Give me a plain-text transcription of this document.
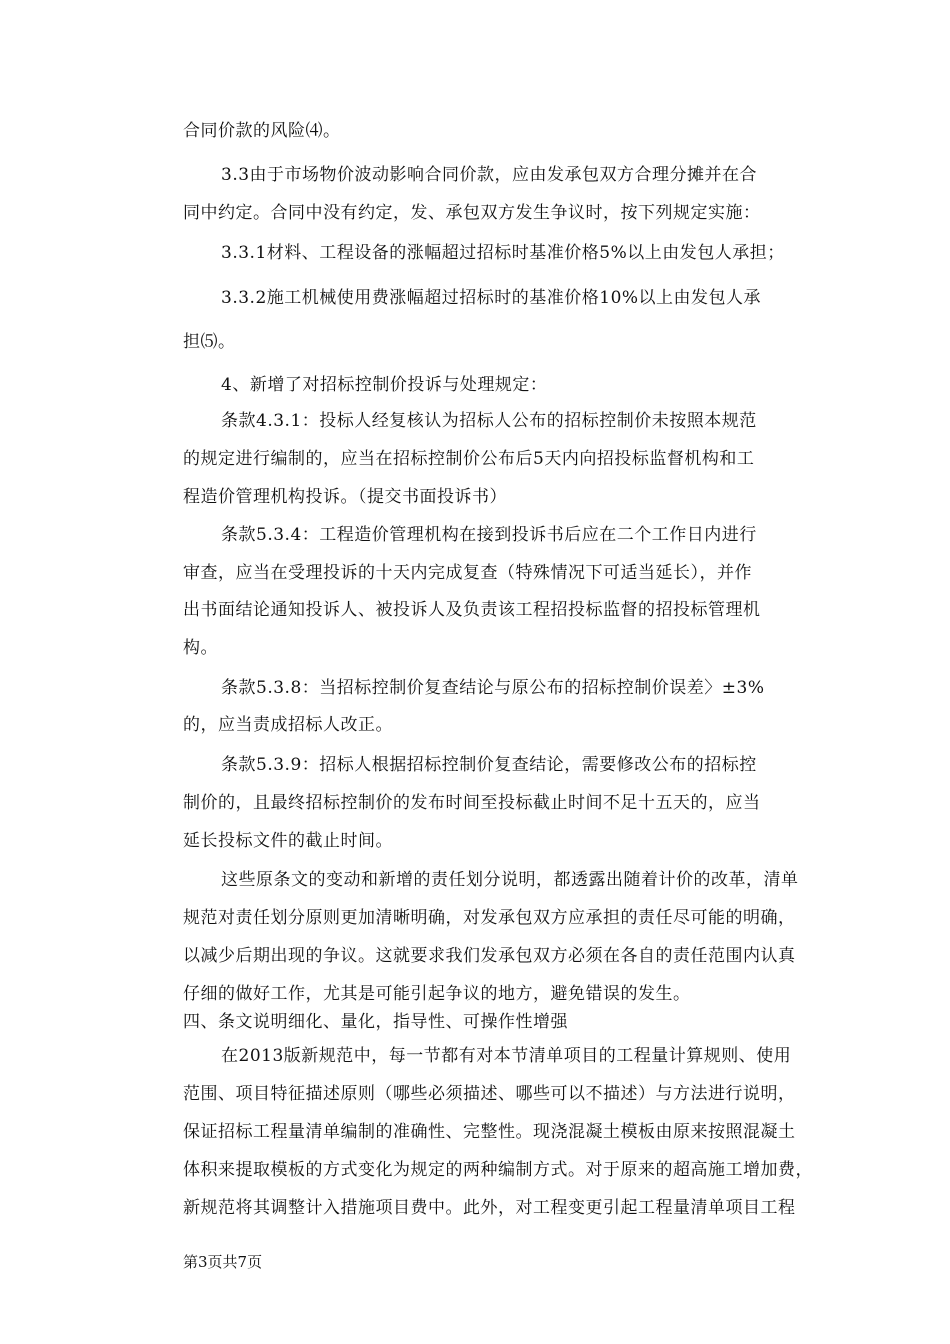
合同价款的风险⑷。
3.3由于市场物价波动影响合同价款，应由发承包双方合理分摊并在合
同中约定。合同中没有约定，发、承包双方发生争议时，按下列规定实施：
3.3.1材料、工程设备的涨幅超过招标时基准价格5%以上由发包人承担；
3.3.2施工机械使用费涨幅超过招标时的基准价格10%以上由发包人承
担⑸。
4、新增了对招标控制价投诉与处理规定：
条款4.3.1：投标人经复核认为招标人公布的招标控制价未按照本规范
的规定进行编制的，应当在招标控制价公布后5天内向招投标监督机构和工
程造价管理机构投诉。（提交书面投诉书）
条款5.3.4：工程造价管理机构在接到投诉书后应在二个工作日内进行
审查，应当在受理投诉的十天内完成复查（特殊情况下可适当延长），并作
出书面结论通知投诉人、被投诉人及负责该工程招投标监督的招投标管理机
构。
条款5.3.8：当招标控制价复查结论与原公布的招标控制价误差〉±3%
的，应当责成招标人改正。
条款5.3.9：招标人根据招标控制价复查结论，需要修改公布的招标控
制价的，且最终招标控制价的发布时间至投标截止时间不足十五天的，应当
延长投标文件的截止时间。
这些原条文的变动和新增的责任划分说明，都透露出随着计价的改革，清单
规范对责任划分原则更加清晰明确，对发承包双方应承担的责任尽可能的明确，
以减少后期出现的争议。这就要求我们发承包双方必须在各自的责任范围内认真
仔细的做好工作，尤其是可能引起争议的地方，避免错误的发生。
四、条文说明细化、量化，指导性、可操作性增强
在2013版新规范中，每一节都有对本节清单项目的工程量计算规则、使用
范围、项目特征描述原则（哪些必须描述、哪些可以不描述）与方法进行说明，
保证招标工程量清单编制的准确性、完整性。现浇混凝土模板由原来按照混凝土
体积来提取模板的方式变化为规定的两种编制方式。对于原来的超高施工增加费，
新规范将其调整计入措施项目费中。此外，对工程变更引起工程量清单项目工程
第3页共7页
